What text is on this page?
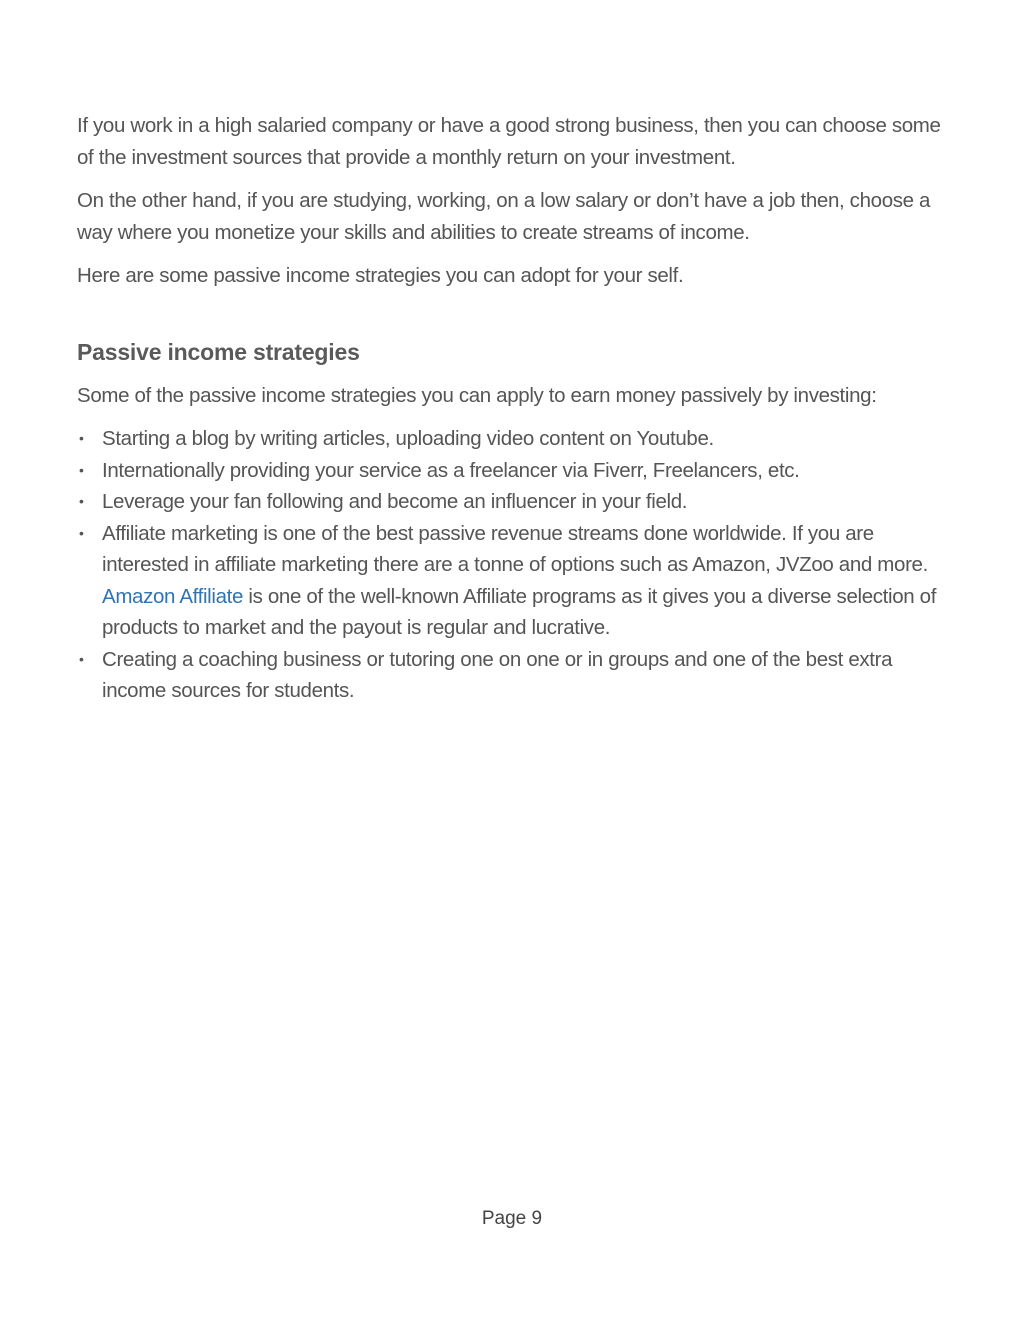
If you work in a high salaried company or have a good strong business, then you can choose some of the investment sources that provide a monthly return on your investment.

On the other hand, if you are studying, working, on a low salary or don’t have a job then, choose a way where you monetize your skills and abilities to create streams of income.

Here are some passive income strategies you can adopt for your self.

Passive income strategies

Some of the passive income strategies you can apply to earn money passively by investing:

• Starting a blog by writing articles, uploading video content on Youtube.
• Internationally providing your service as a freelancer via Fiverr, Freelancers, etc.
• Leverage your fan following and become an influencer in your field.
• Affiliate marketing is one of the best passive revenue streams done worldwide. If you are interested in affiliate marketing there are a tonne of options such as Amazon, JVZoo and more. Amazon Affiliate is one of the well-known Affiliate programs as it gives you a diverse selection of products to market and the payout is regular and lucrative.
• Creating a coaching business or tutoring one on one or in groups and one of the best extra income sources for students.
Page 9
